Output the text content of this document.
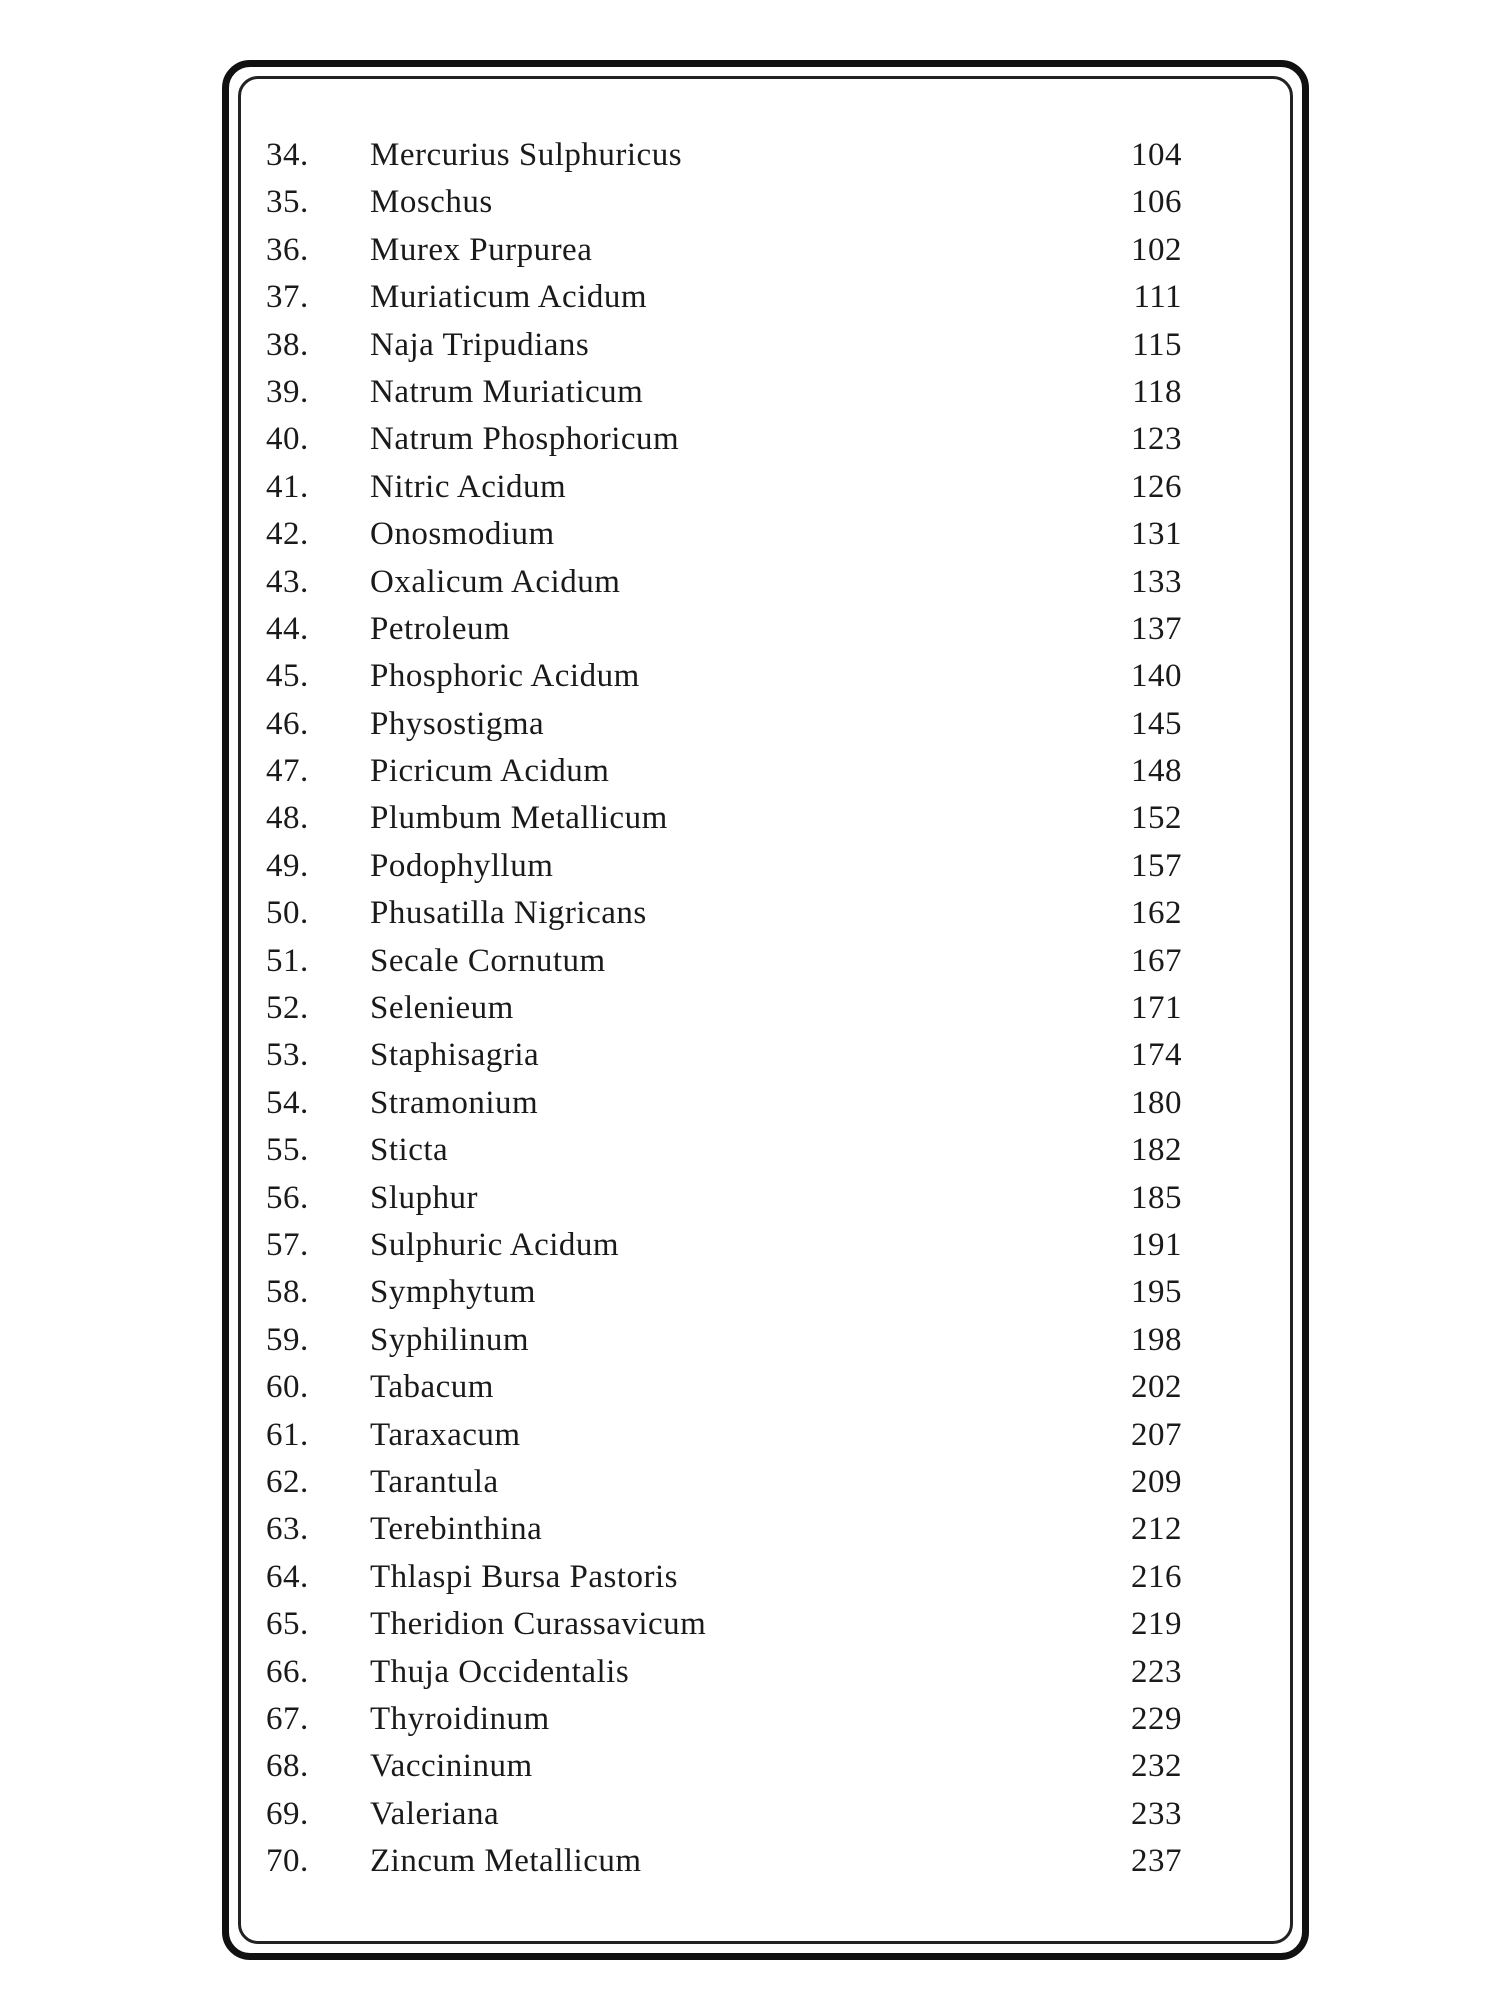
34. Mercurius Sulphuricus	104
35. Moschus	106
36. Murex Purpurea	102
37. Muriaticum Acidum	111
38. Naja Tripudians	115
39. Natrum Muriaticum	118
40. Natrum Phosphoricum	123
41. Nitric Acidum	126
42. Onosmodium	131
43. Oxalicum Acidum	133
44. Petroleum	137
45. Phosphoric Acidum	140
46. Physostigma	145
47. Picricum Acidum	148
48. Plumbum Metallicum	152
49. Podophyllum	157
50. Phusatilla Nigricans	162
51. Secale Cornutum	167
52. Selenieum	171
53. Staphisagria	174
54. Stramonium	180
55. Sticta	182
56. Sluphur	185
57. Sulphuric Acidum	191
58. Symphytum	195
59. Syphilinum	198
60. Tabacum	202
61. Taraxacum	207
62. Tarantula	209
63. Terebinthina	212
64. Thlaspi Bursa Pastoris	216
65. Theridion Curassavicum	219
66. Thuja Occidentalis	223
67. Thyroidinum	229
68. Vaccininum	232
69. Valeriana	233
70. Zincum Metallicum	237
